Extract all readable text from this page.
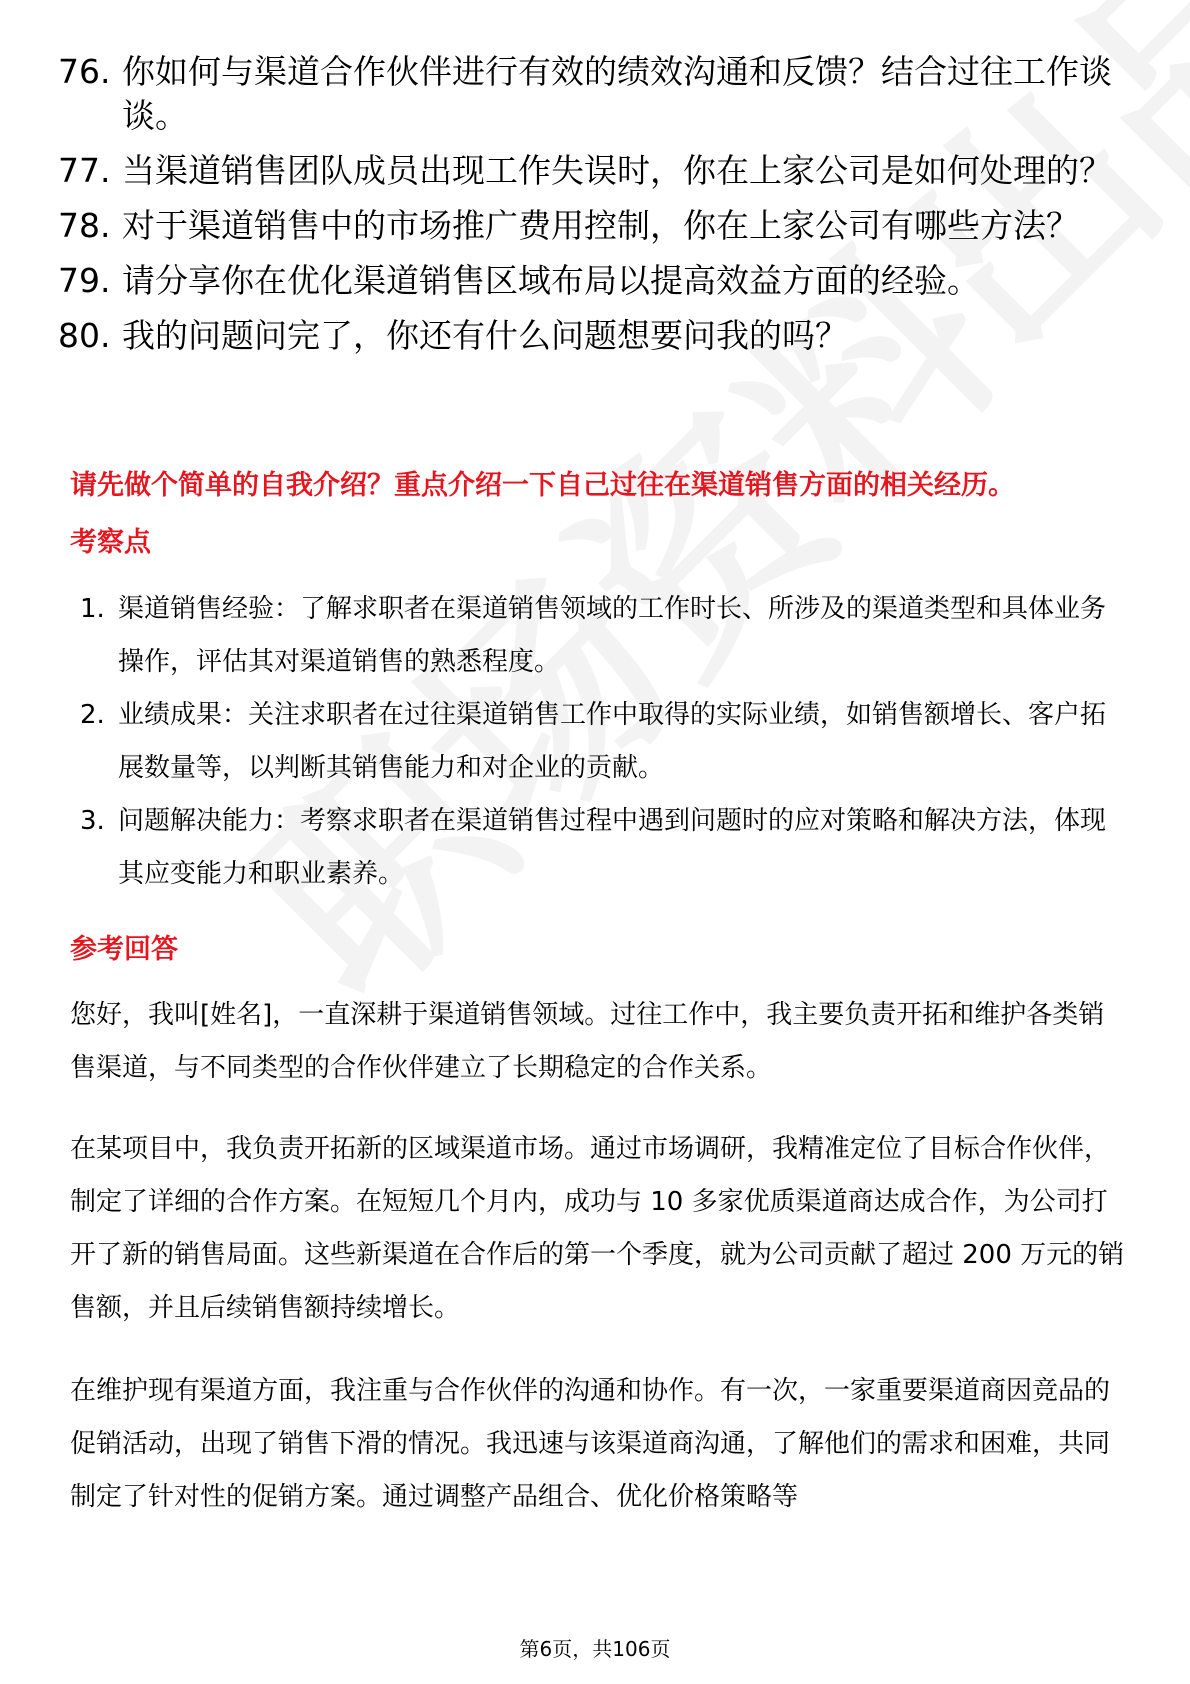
76. 你如何与渠道合作伙伴进行有效的绩效沟通和反馈？结合过往工作谈谈。
77. 当渠道销售团队成员出现工作失误时，你在上家公司是如何处理的？
78. 对于渠道销售中的市场推广费用控制，你在上家公司有哪些方法？
79. 请分享你在优化渠道销售区域布局以提高效益方面的经验。
80. 我的问题问完了，你还有什么问题想要问我的吗？
请先做个简单的自我介绍？重点介绍一下自己过往在渠道销售方面的相关经历。
考察点
1. 渠道销售经验：了解求职者在渠道销售领域的工作时长、所涉及的渠道类型和具体业务操作，评估其对渠道销售的熟悉程度。
2. 业绩成果：关注求职者在过往渠道销售工作中取得的实际业绩，如销售额增长、客户拓展数量等，以判断其销售能力和对企业的贡献。
3. 问题解决能力：考察求职者在渠道销售过程中遇到问题时的应对策略和解决方法，体现其应变能力和职业素养。
参考回答
您好，我叫[姓名]，一直深耕于渠道销售领域。过往工作中，我主要负责开拓和维护各类销售渠道，与不同类型的合作伙伴建立了长期稳定的合作关系。
在某项目中，我负责开拓新的区域渠道市场。通过市场调研，我精准定位了目标合作伙伴，制定了详细的合作方案。在短短几个月内，成功与 10 多家优质渠道商达成合作，为公司打开了新的销售局面。这些新渠道在合作后的第一个季度，就为公司贡献了超过 200 万元的销售额，并且后续销售额持续增长。
在维护现有渠道方面，我注重与合作伙伴的沟通和协作。有一次，一家重要渠道商因竞品的促销活动，出现了销售下滑的情况。我迅速与该渠道商沟通，了解他们的需求和困难，共同制定了针对性的促销方案。通过调整产品组合、优化价格策略等
第6页，共106页
